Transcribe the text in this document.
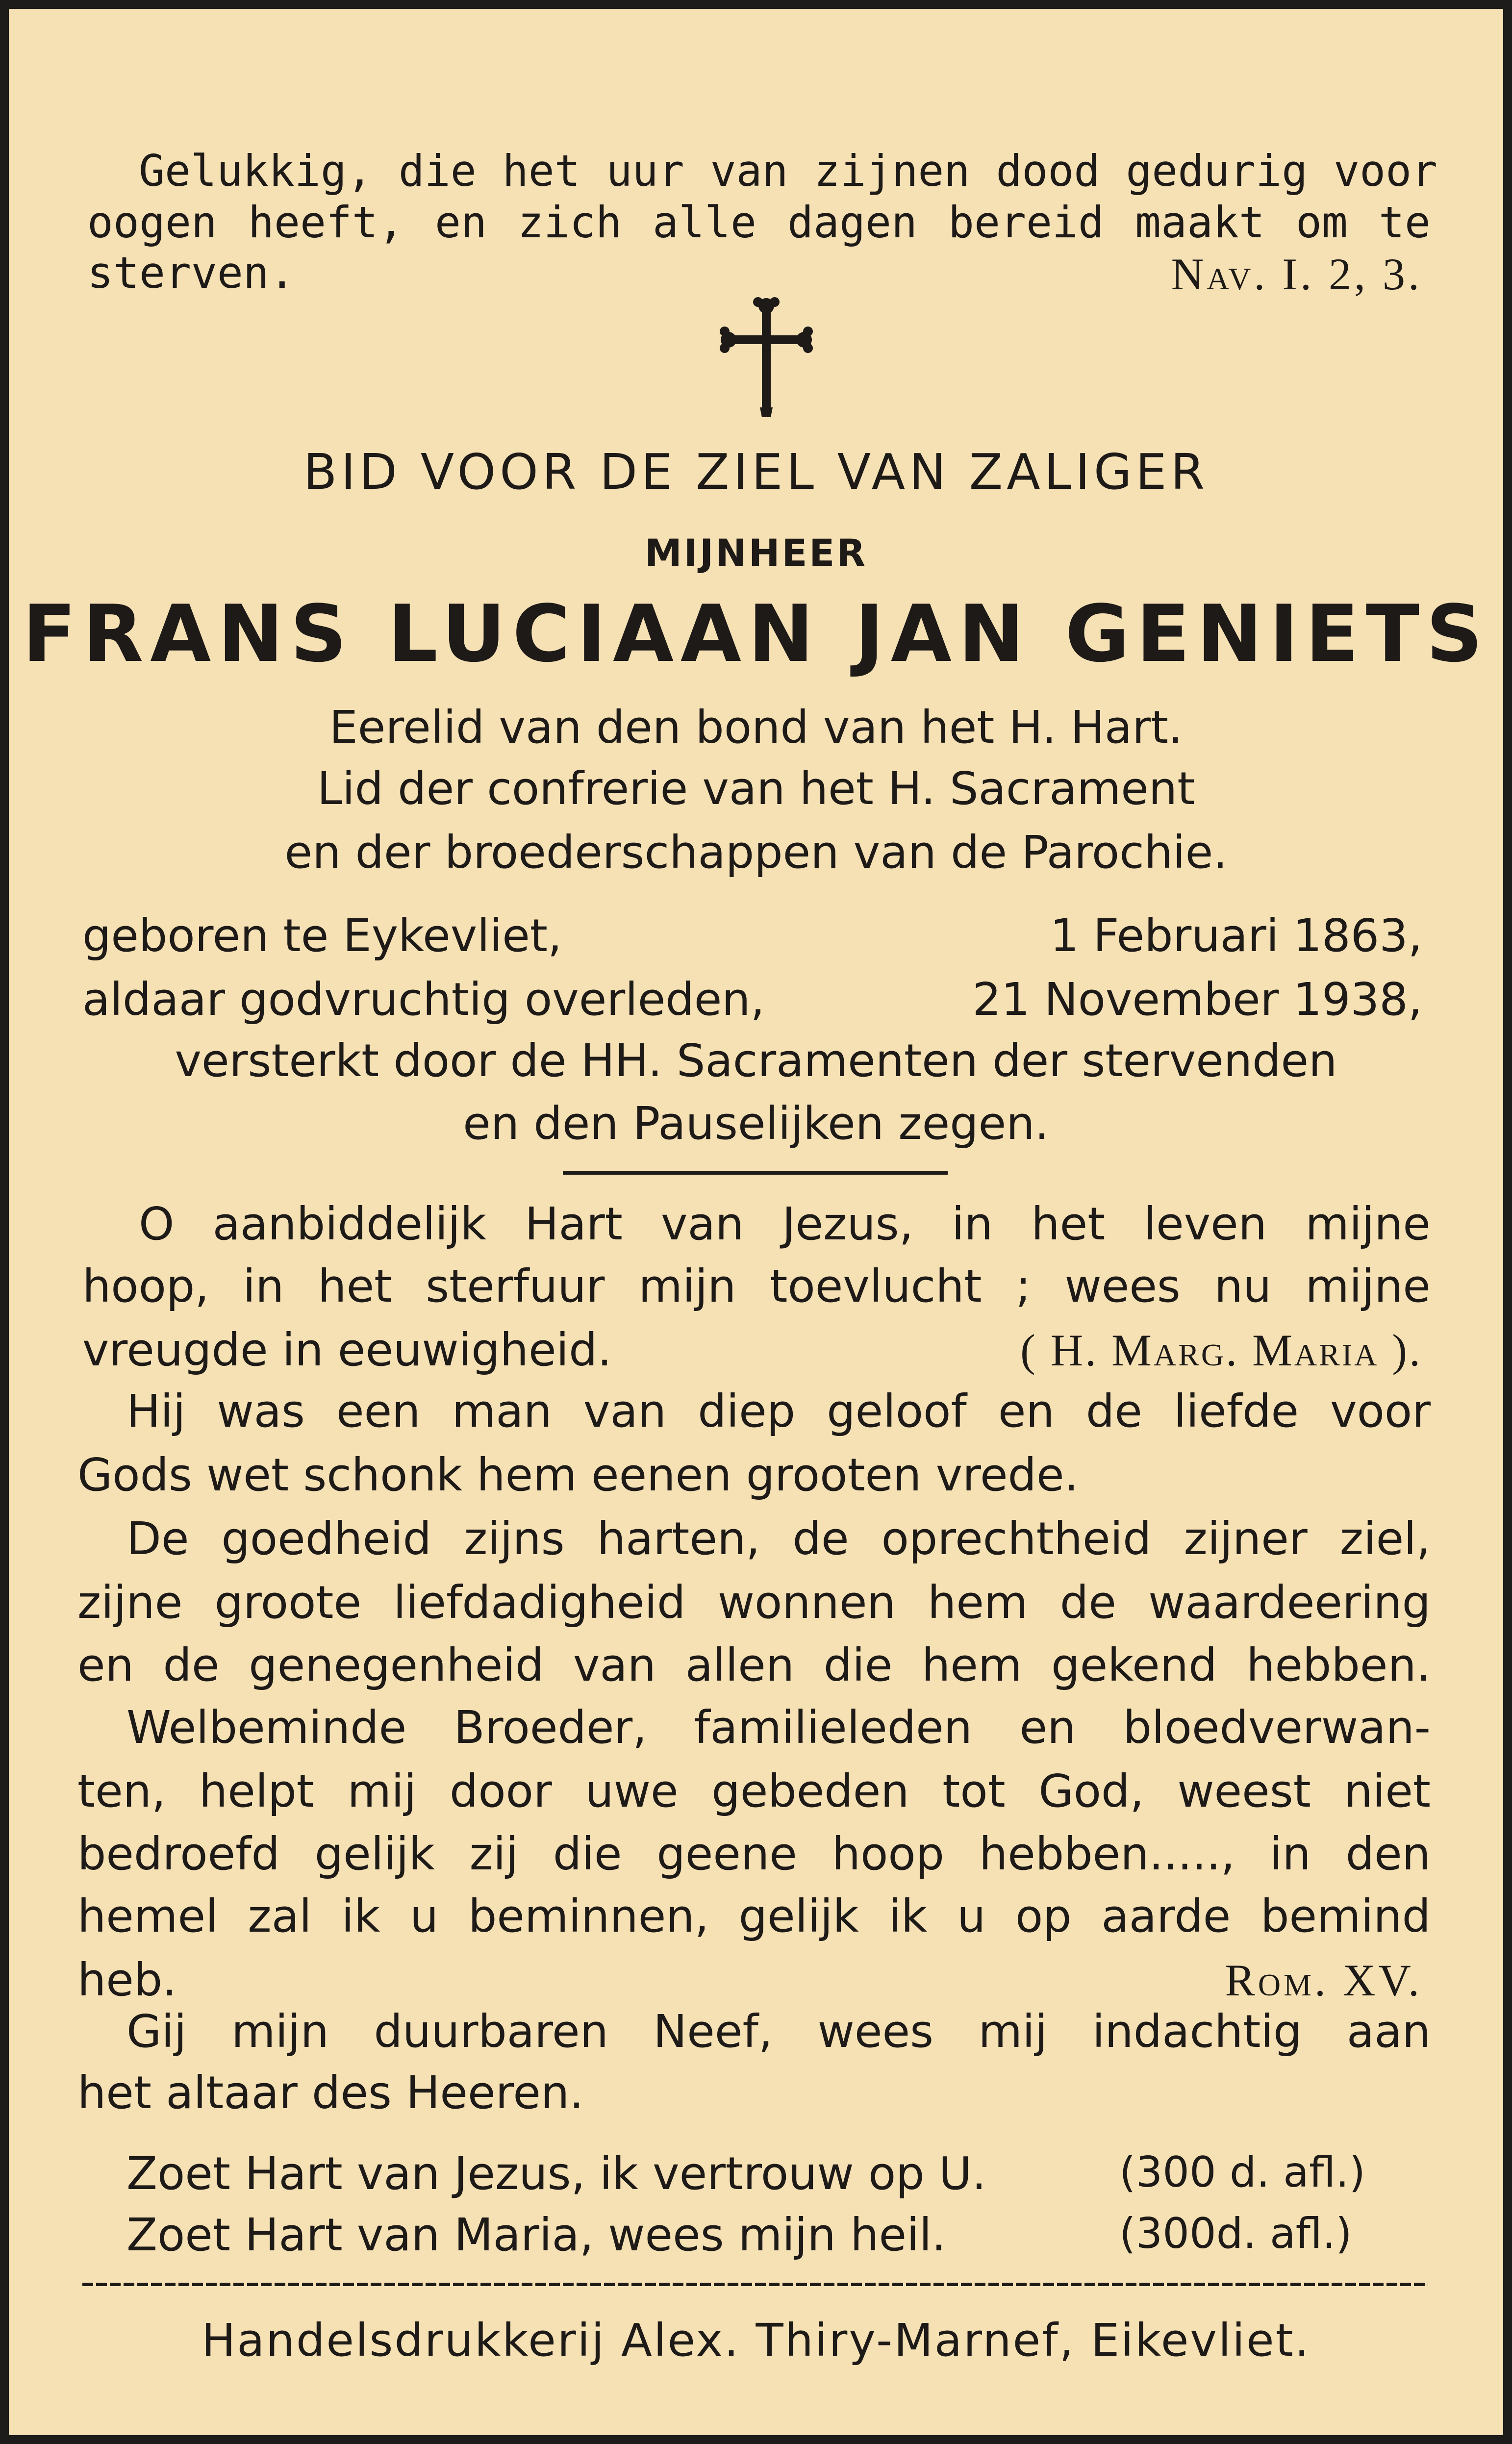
Gelukkig, die het uur van zijnen dood gedurig voor
oogen heeft, en zich alle dagen bereid maakt om te
sterven.	Nav. I. 2, 3.
BID VOOR DE ZIEL VAN ZALIGER
MIJNHEER
FRANS LUCIAAN JAN GENIETS
Eerelid van den bond van het H. Hart.
Lid der confrerie van het H. Sacrament
en der broederschappen van de Parochie.
geboren te Eykevliet,	1 Februari 1863,
aldaar godvruchtig overleden,	21 November 1938,
versterkt door de HH. Sacramenten der stervenden
en den Pauselijken zegen.
O aanbiddelijk Hart van Jezus, in het leven mijne
hoop, in het sterfuur mijn toevlucht ; wees nu mijne
vreugde in eeuwigheid.	( H. Marg. Maria ).
Hij was een man van diep geloof en de liefde voor
Gods wet schonk hem eenen grooten vrede.
De goedheid zijns harten, de oprechtheid zijner ziel,
zijne groote liefdadigheid wonnen hem de waardeering
en de genegenheid van allen die hem gekend hebben.
Welbeminde Broeder, familieleden en bloedverwan-
ten, helpt mij door uwe gebeden tot God, weest niet
bedroefd gelijk zij die geene hoop hebben....., in den
hemel zal ik u beminnen, gelijk ik u op aarde bemind
heb.	Rom. XV.
Gij mijn duurbaren Neef, wees mij indachtig aan
het altaar des Heeren.
Zoet Hart van Jezus, ik vertrouw op U.	(300 d. afl.)
Zoet Hart van Maria, wees mijn heil.	(300d. afl.)
Handelsdrukkerij Alex. Thiry-Marnef, Eikevliet.
